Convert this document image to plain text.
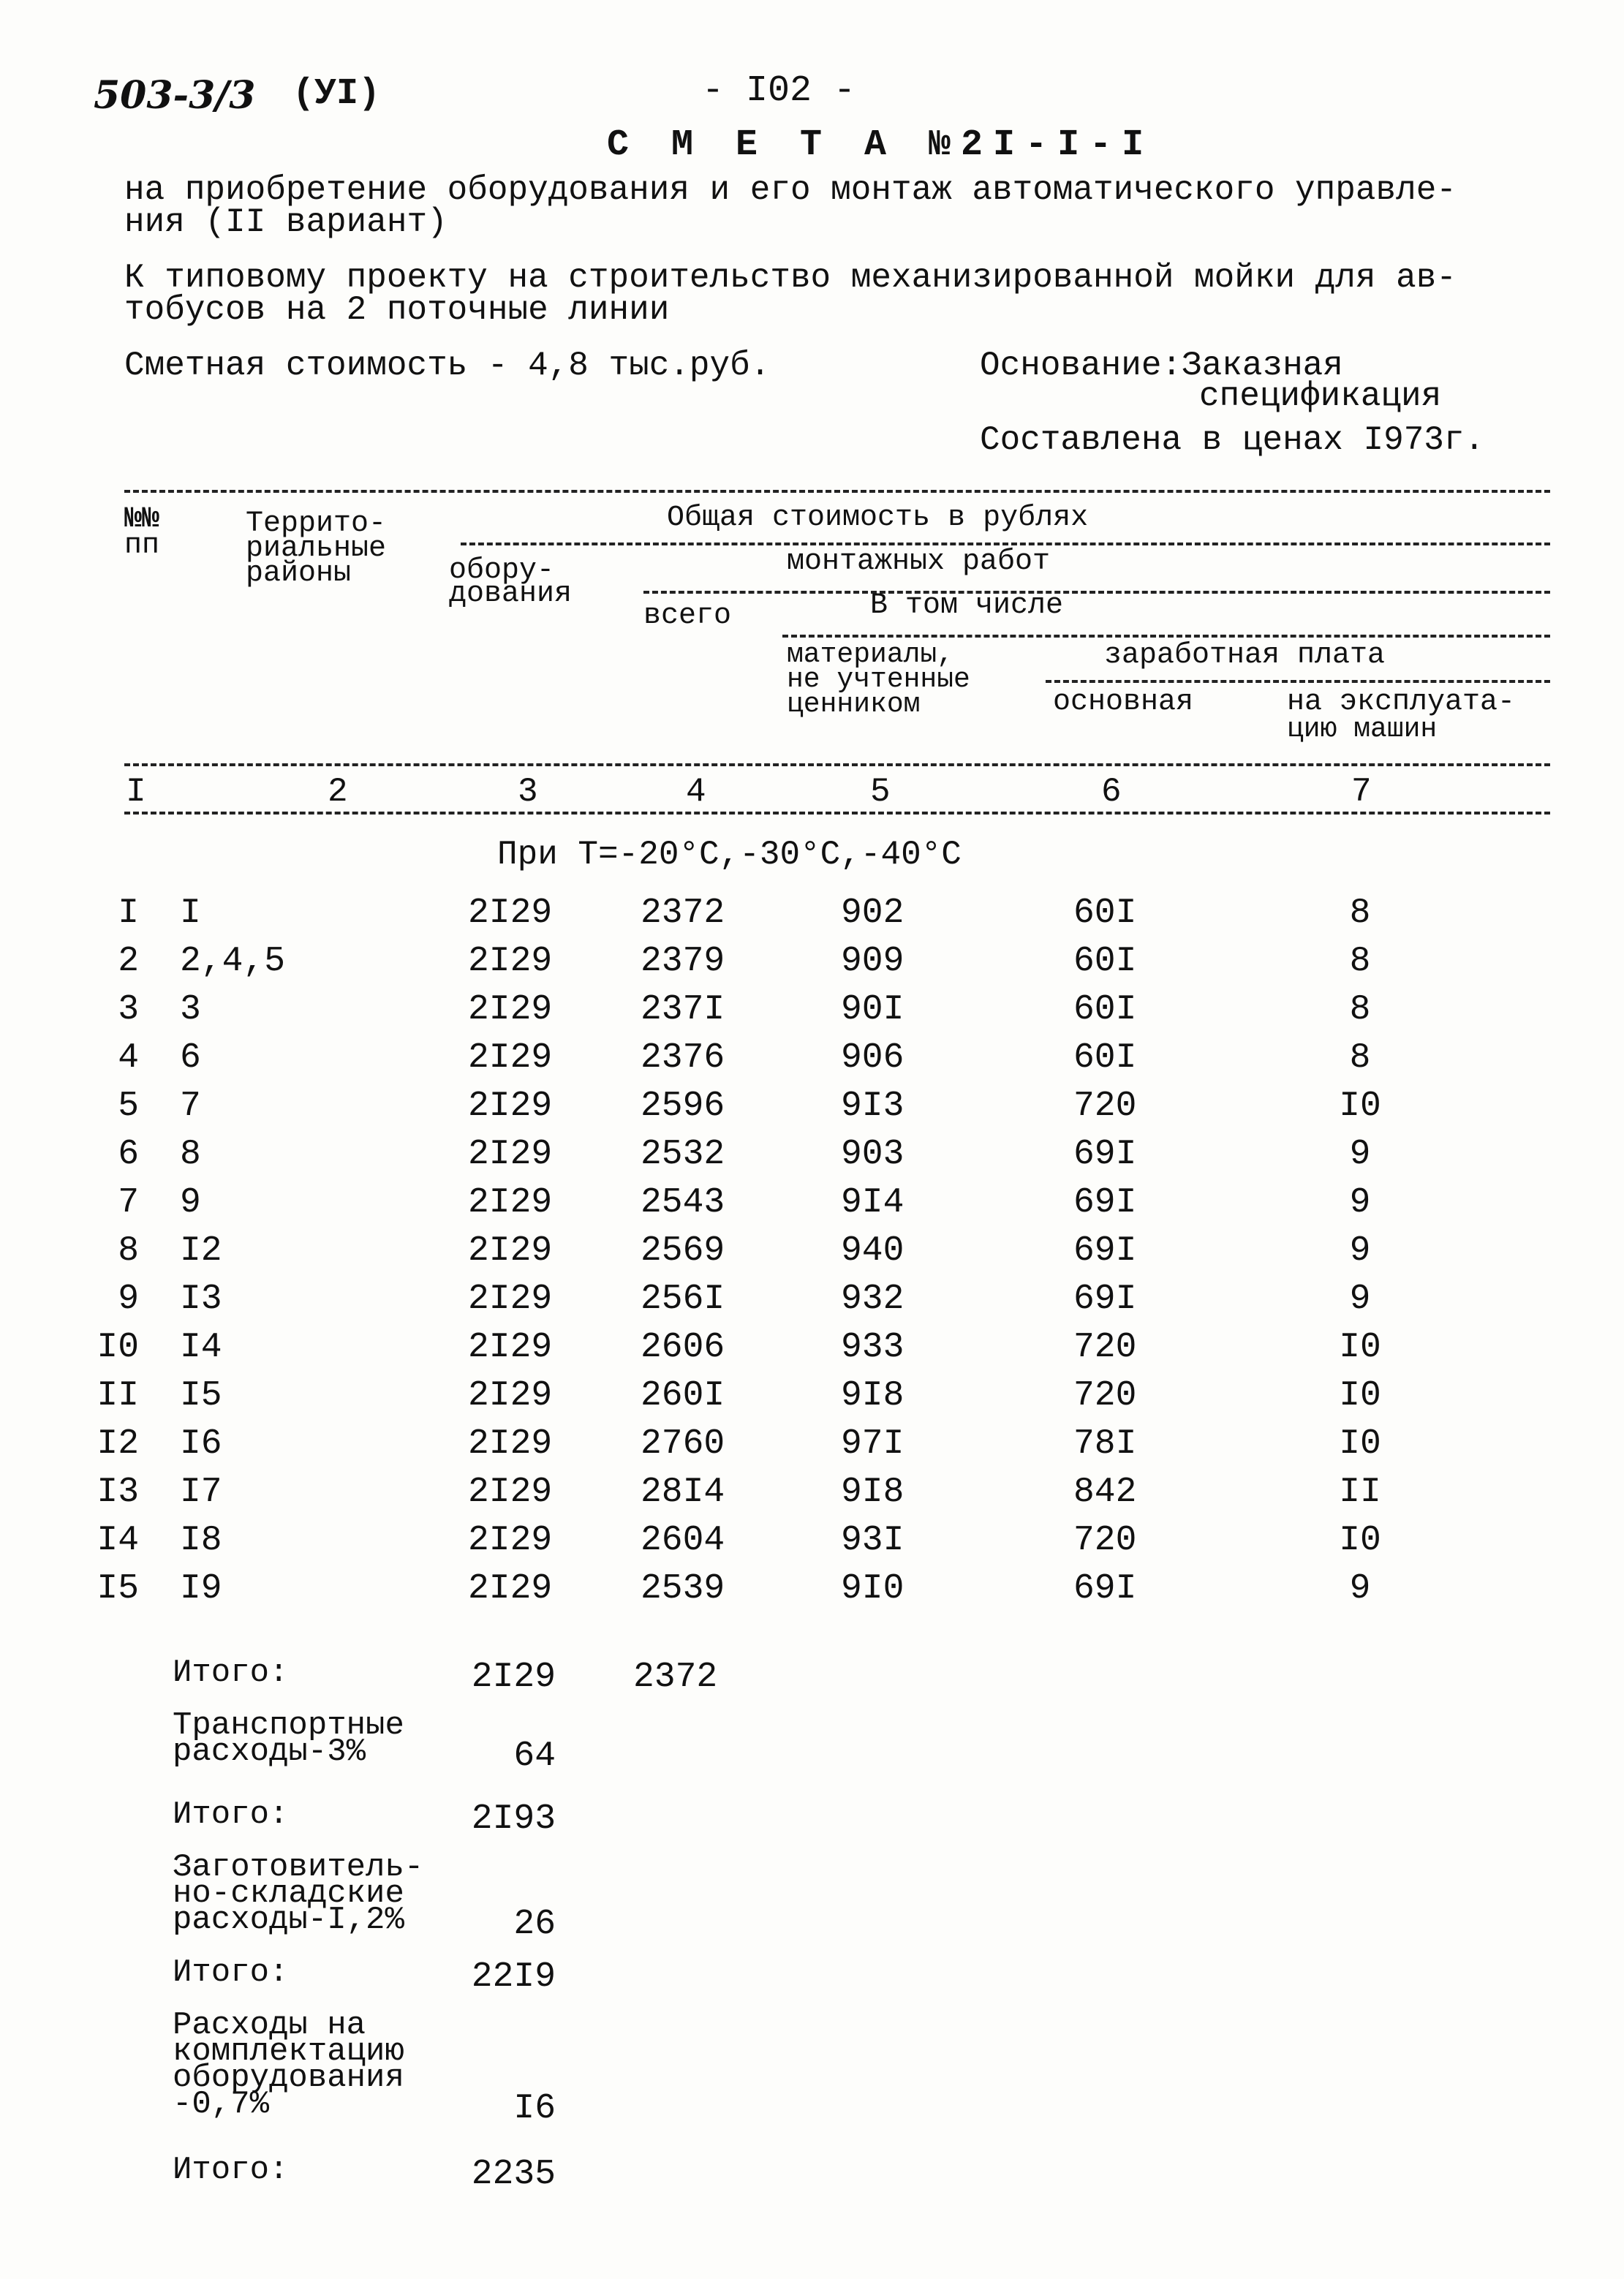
503-3/3 (УI)	- I02 -
С М Е Т А №2I-I-I
на приобретение оборудования и его монтаж автоматического управле-
ния (II вариант)
К типовому проекту на строительство механизированной мойки для ав-
тобусов на 2 поточные линии
Сметная стоимость - 4,8 тыс.руб.	Основание:Заказная
спецификация
Составлена в ценах I973г.
№№
пп
Террито-
риальные
районы
Общая стоимость в рублях
обору-
дования
монтажных работ
всего	В том числе
материалы,
не учтенные
ценником
заработная плата
основная	на эксплуата-
цию машин
I	2	3	4	5	6	7
При Т=-20°С,-30°С,-40°С
I I	2I29	2372	902	60I	8
2 2,4,5	2I29	2379	909	60I	8
3 3	2I29	237I	90I	60I	8
4 6	2I29	2376	906	60I	8
5 7	2I29	2596	9I3	720	I0
6 8	2I29	2532	903	69I	9
7 9	2I29	2543	9I4	69I	9
8 I2	2I29	2569	940	69I	9
9 I3	2I29	256I	932	69I	9
I0 I4	2I29	2606	933	720	I0
II I5	2I29	260I	9I8	720	I0
I2 I6	2I29	2760	97I	78I	I0
I3 I7	2I29	28I4	9I8	842	II
I4 I8	2I29	2604	93I	720	I0
I5 I9	2I29	2539	9I0	69I	9
Итого:	2I29 2372
Транспортные
расходы-3%	64
Итого:	2I93
Заготовитель-
но-складские
расходы-I,2%	26
Итого:	22I9
Расходы на
комплектацию
оборудования
-0,7%	I6
Итого:	2235
